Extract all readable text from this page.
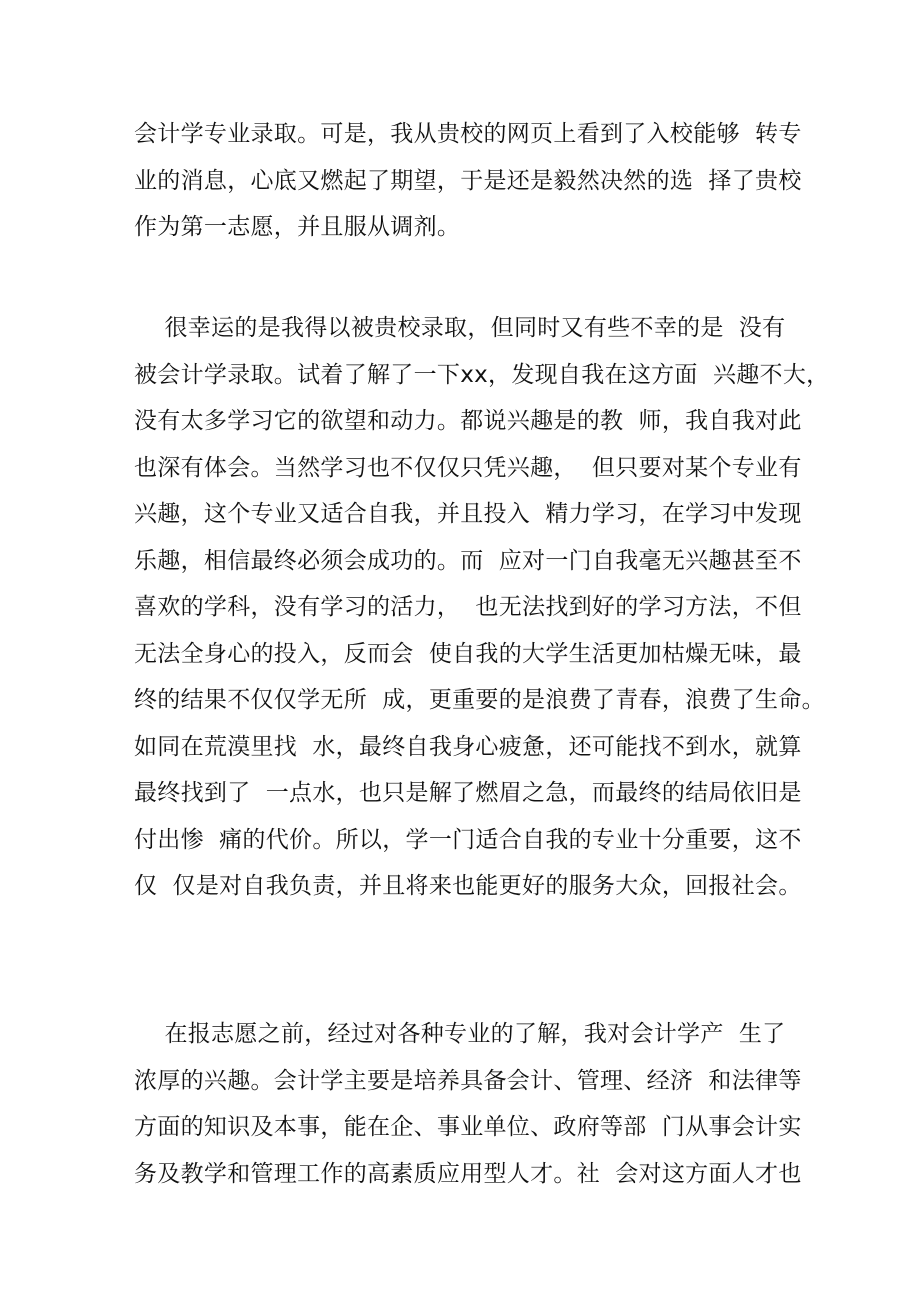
会计学专业录取。可是，我从贵校的网页上看到了入校能够  转专
业的消息，心底又燃起了期望，于是还是毅然决然的选  择了贵校
作为第一志愿，并且服从调剂。
很幸运的是我得以被贵校录取，但同时又有些不幸的是  没有
被会计学录取。试着了解了一下xx，发现自我在这方面  兴趣不大，
没有太多学习它的欲望和动力。都说兴趣是的教  师，我自我对此
也深有体会。当然学习也不仅仅只凭兴趣，  但只要对某个专业有
兴趣，这个专业又适合自我，并且投入  精力学习，在学习中发现
乐趣，相信最终必须会成功的。而  应对一门自我毫无兴趣甚至不
喜欢的学科，没有学习的活力，  也无法找到好的学习方法，不但
无法全身心的投入，反而会  使自我的大学生活更加枯燥无味，最
终的结果不仅仅学无所  成，更重要的是浪费了青春，浪费了生命。
如同在荒漠里找  水，最终自我身心疲惫，还可能找不到水，就算
最终找到了  一点水，也只是解了燃眉之急，而最终的结局依旧是
付出惨  痛的代价。所以，学一门适合自我的专业十分重要，这不
仅  仅是对自我负责，并且将来也能更好的服务大众，回报社会。
在报志愿之前，经过对各种专业的了解，我对会计学产  生了
浓厚的兴趣。会计学主要是培养具备会计、管理、经济  和法律等
方面的知识及本事，能在企、事业单位、政府等部  门从事会计实
务及教学和管理工作的高素质应用型人才。社  会对这方面人才也
